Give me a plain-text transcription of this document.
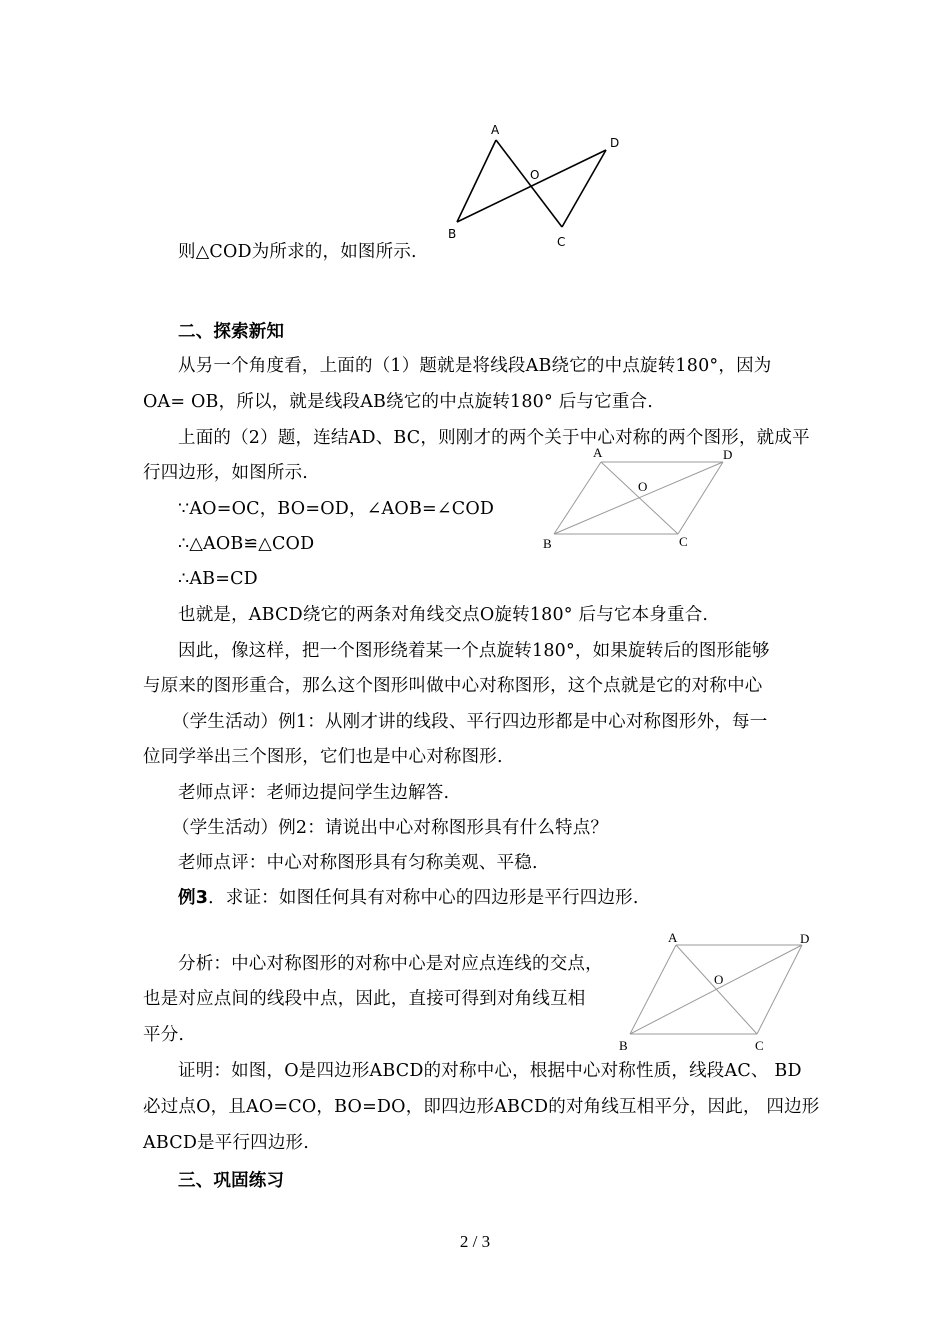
A
B
C
D
O
则△COD为所求的，如图所示.
二、探索新知
从另一个角度看，上面的（1）题就是将线段AB绕它的中点旋转180°，因为
OA= OB，所以，就是线段AB绕它的中点旋转180° 后与它重合.
上面的（2）题，连结AD、BC，则刚才的两个关于中心对称的两个图形，就成平
行四边形，如图所示.
A	D
O
B	C
∵AO=OC，BO=OD，∠AOB=∠COD
∴△AOB≌△COD
∴AB=CD
也就是，ABCD绕它的两条对角线交点O旋转180° 后与它本身重合.
因此，像这样，把一个图形绕着某一个点旋转180°，如果旋转后的图形能够
与原来的图形重合，那么这个图形叫做中心对称图形，这个点就是它的对称中心
（学生活动）例1：从刚才讲的线段、平行四边形都是中心对称图形外，每一
位同学举出三个图形，它们也是中心对称图形.
老师点评：老师边提问学生边解答.
（学生活动）例2：请说出中心对称图形具有什么特点？
老师点评：中心对称图形具有匀称美观、平稳.
例3．求证：如图任何具有对称中心的四边形是平行四边形.
A	D
O
B	C
分析：中心对称图形的对称中心是对应点连线的交点，
也是对应点间的线段中点，因此，直接可得到对角线互相
平分.
证明：如图，O是四边形ABCD的对称中心，根据中心对称性质，线段AC、 BD
必过点O，且AO=CO，BO=DO，即四边形ABCD的对角线互相平分，因此， 四边形
ABCD是平行四边形.
三、巩固练习
2 / 3
